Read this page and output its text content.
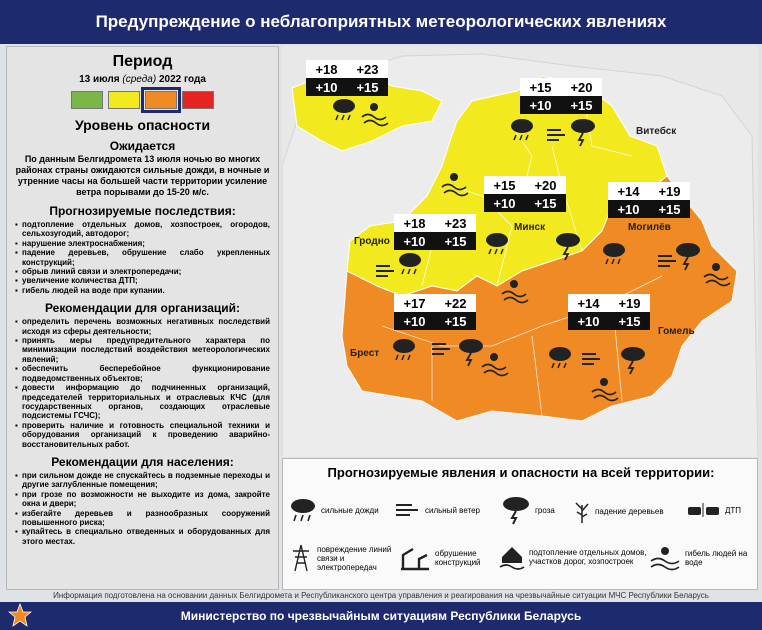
Предупреждение о неблагоприятных метеорологических явлениях
Период
13 июля (среда) 2022 года
Уровень опасности
Ожидается
По данным Белгидромета 13 июля ночью во многих районах страны ожидаются сильные дожди, в ночные и утренние часы на большей части территории усиление ветра порывами до 15-20 м/с.
Прогнозируемые последствия:
▪ подтопление отдельных домов, хозпостроек, огородов, сельхозугодий, автодорог;
▪ нарушение электроснабжения;
▪ падение деревьев, обрушение слабо укрепленных конструкций;
▪ обрыв линий связи и электропередачи;
▪ увеличение количества ДТП;
▪ гибель людей на воде при купании.
Рекомендации для организаций:
▪ определить перечень возможных негативных последствий исходя из сферы деятельности;
▪ принять меры предупредительного характера по минимизации последствий воздействия метеорологических явлений;
▪ обеспечить бесперебойное функционирование подведомственных объектов;
▪ довести информацию до подчиненных организаций, председателей территориальных и отраслевых КЧС (для государственных органов, создающих отраслевые подсистемы ГСЧС);
▪ проверить наличие и готовность специальной техники и оборудования организаций к проведению аварийно-восстановительных работ.
Рекомендации для населения:
▪ при сильном дожде не спускайтесь в подземные переходы и другие заглубленные помещения;
▪ при грозе по возможности не выходите из дома, закройте окна и двери;
▪ избегайте деревьев и разнообразных сооружений повышенного риска;
▪ купайтесь в специально отведенных и оборудованных для этого местах.
+18 +23
+10 +15	+15 +20
+10 +15
+15 +20
+10 +15
+14 +19
+10 +15
+18 +23
+10 +15
+17 +22
+10 +15
+14 +19
+10 +15
Витебск
Могилёв
Минск
Гродно
Брест
Гомель
Прогнозируемые явления и опасности на всей территории:
сильные дожди	сильный ветер	гроза	падение деревьев	ДТП
повреждение линий связи и электропередач
обрушение конструкций
подтопление отдельных домов, участков дорог, хозпостроек
гибель людей на воде
Информация подготовлена на основании данных Белгидромета и Республиканского центра управления и реагирования на чрезвычайные ситуации МЧС Республики Беларусь
Министерство по чрезвычайным ситуациям Республики Беларусь
